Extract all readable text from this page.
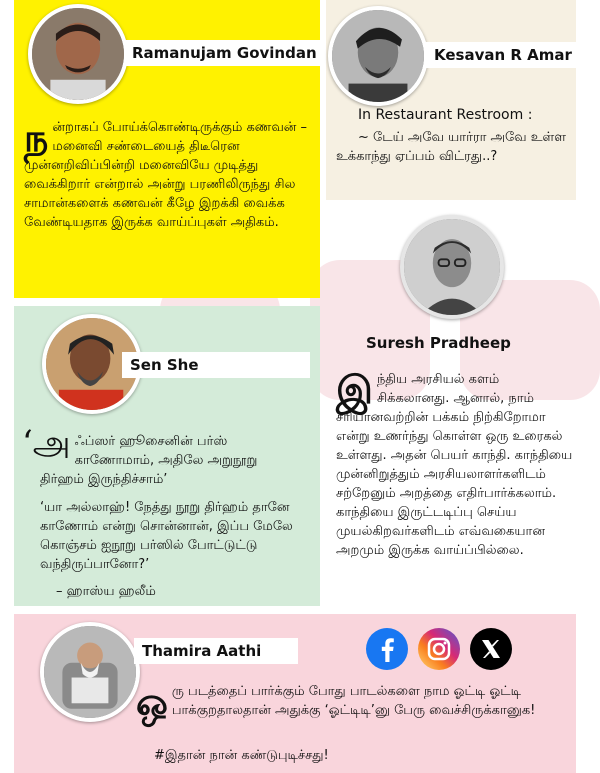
Ramanujam Govindan
ந ன்றாகப் போய்க்கொண்டிருக்கும் கணவன் – மனைவி சண்டையைத் திடீரென முன்னறிவிப்பின்றி மனைவியே முடித்து வைக்கிறார் என்றால் அன்று பரணிலிருந்து சில சாமான்களைக் கணவன் கீழே இறக்கி வைக்க வேண்டியதாக இருக்க வாய்ப்புகள் அதிகம்.
Kesavan R Amar
In Restaurant Restroom :
~ டேய் அவே யார்ரா அவே உள்ள உக்காந்து ஏப்பம் விட்ரது..?
Suresh Pradheep
இ ந்திய அரசியல் களம் சிக்கலானது. ஆனால், நாம் சரியானவற்றின் பக்கம் நிற்கிறோமா என்று உணர்ந்து கொள்ள ஒரு உரைகல் உள்ளது. அதன் பெயர் காந்தி. காந்தியை முன்னிறுத்தும் அரசியலாளர்களிடம் சற்றேனும் அறத்தை எதிர்பார்க்கலாம். காந்தியை இருட்டடிப்பு செய்ய முயல்கிறவர்களிடம் எவ்வகையான அறமும் இருக்க வாய்ப்பில்லை.
Sen She
‘அ ஃப்ஸர் ஹூசைனின் பர்ஸ்
காணோமாம், அதிலே அறுநூறு
திர்ஹம் இருந்திச்சாம்’
‘யா அல்லாஹ்! நேத்து நூறு திர்ஹம் தானே காணோம் என்று சொன்னான், இப்ப மேலே கொஞ்சம் ஐநூறு பர்ஸில் போட்டுட்டு வந்திருப்பானோ?’
– ஹாஸ்ய ஹலீம்
Thamira Aathi
ஒ ரு படத்தைப் பார்க்கும் போது பாடல்களை நாம ஓட்டி ஓட்டி பாக்குறதாலதான் அதுக்கு ‘ஓட்டிடி’னு பேரு வைச்சிருக்கானுக!
#இதான் நான் கண்டுபுடிச்சது!
